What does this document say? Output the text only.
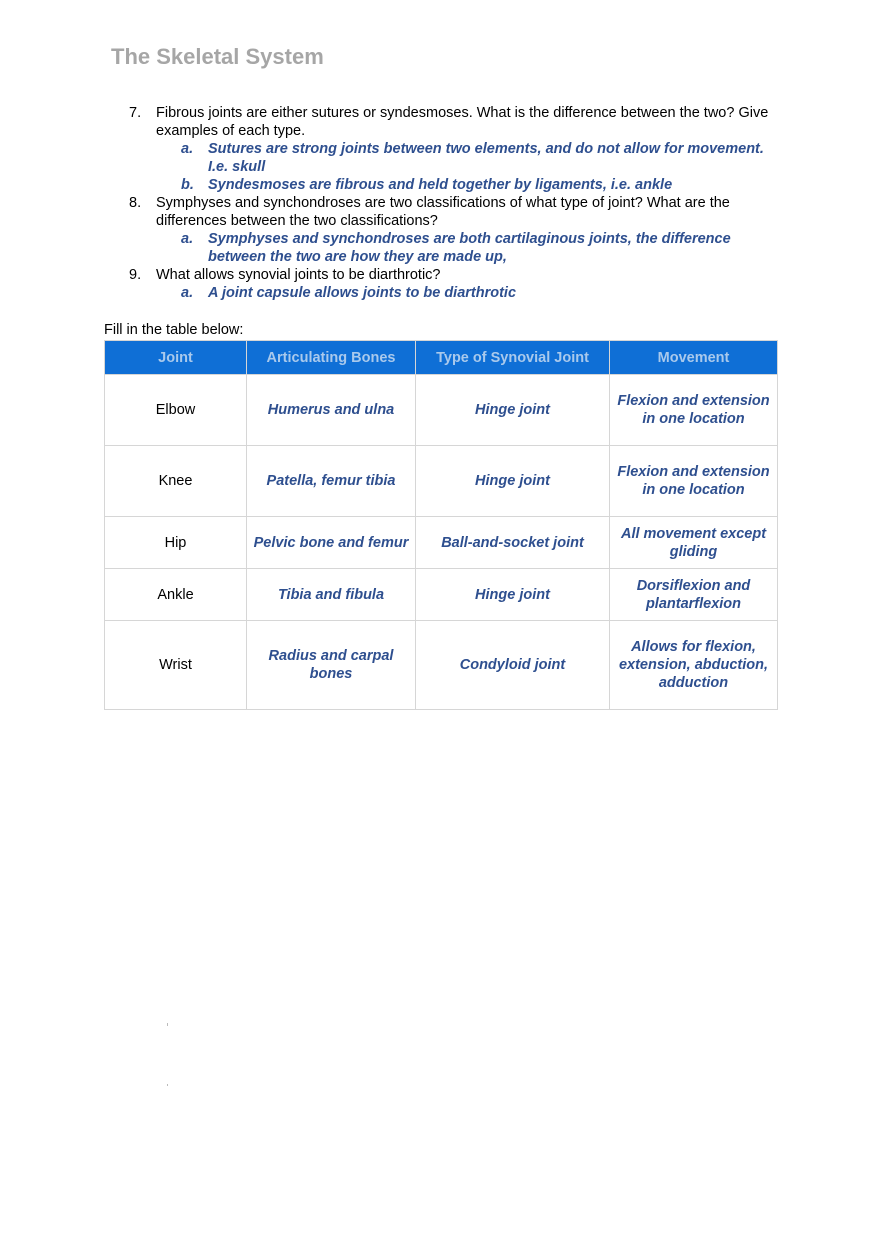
The Skeletal System
7.	Fibrous joints are either sutures or syndesmoses. What is the difference between the two? Give examples of each type.
a.	Sutures are strong joints between two elements, and do not allow for movement. I.e. skull
b. Syndesmoses are fibrous and held together by ligaments, i.e. ankle
8.	Symphyses and synchondroses are two classifications of what type of joint? What are the differences between the two classifications?
a.	Symphyses and synchondroses are both cartilaginous joints, the difference between the two are how they are made up,
9.	What allows synovial joints to be diarthrotic?
a.	A joint capsule allows joints to be diarthrotic
Fill in the table below:
Joint	Articulating Bones	Type of Synovial Joint	Movement
Elbow	Humerus and ulna	Hinge joint	Flexion and extension in one location
Knee	Patella, femur tibia	Hinge joint	Flexion and extension in one location
Hip	Pelvic bone and femur	Ball-and-socket joint	All movement except gliding
Ankle	Tibia and fibula	Hinge joint	Dorsiflexion and plantarflexion
Wrist	Radius and carpal bones	Condyloid joint	Allows for flexion, extension, abduction, adduction
